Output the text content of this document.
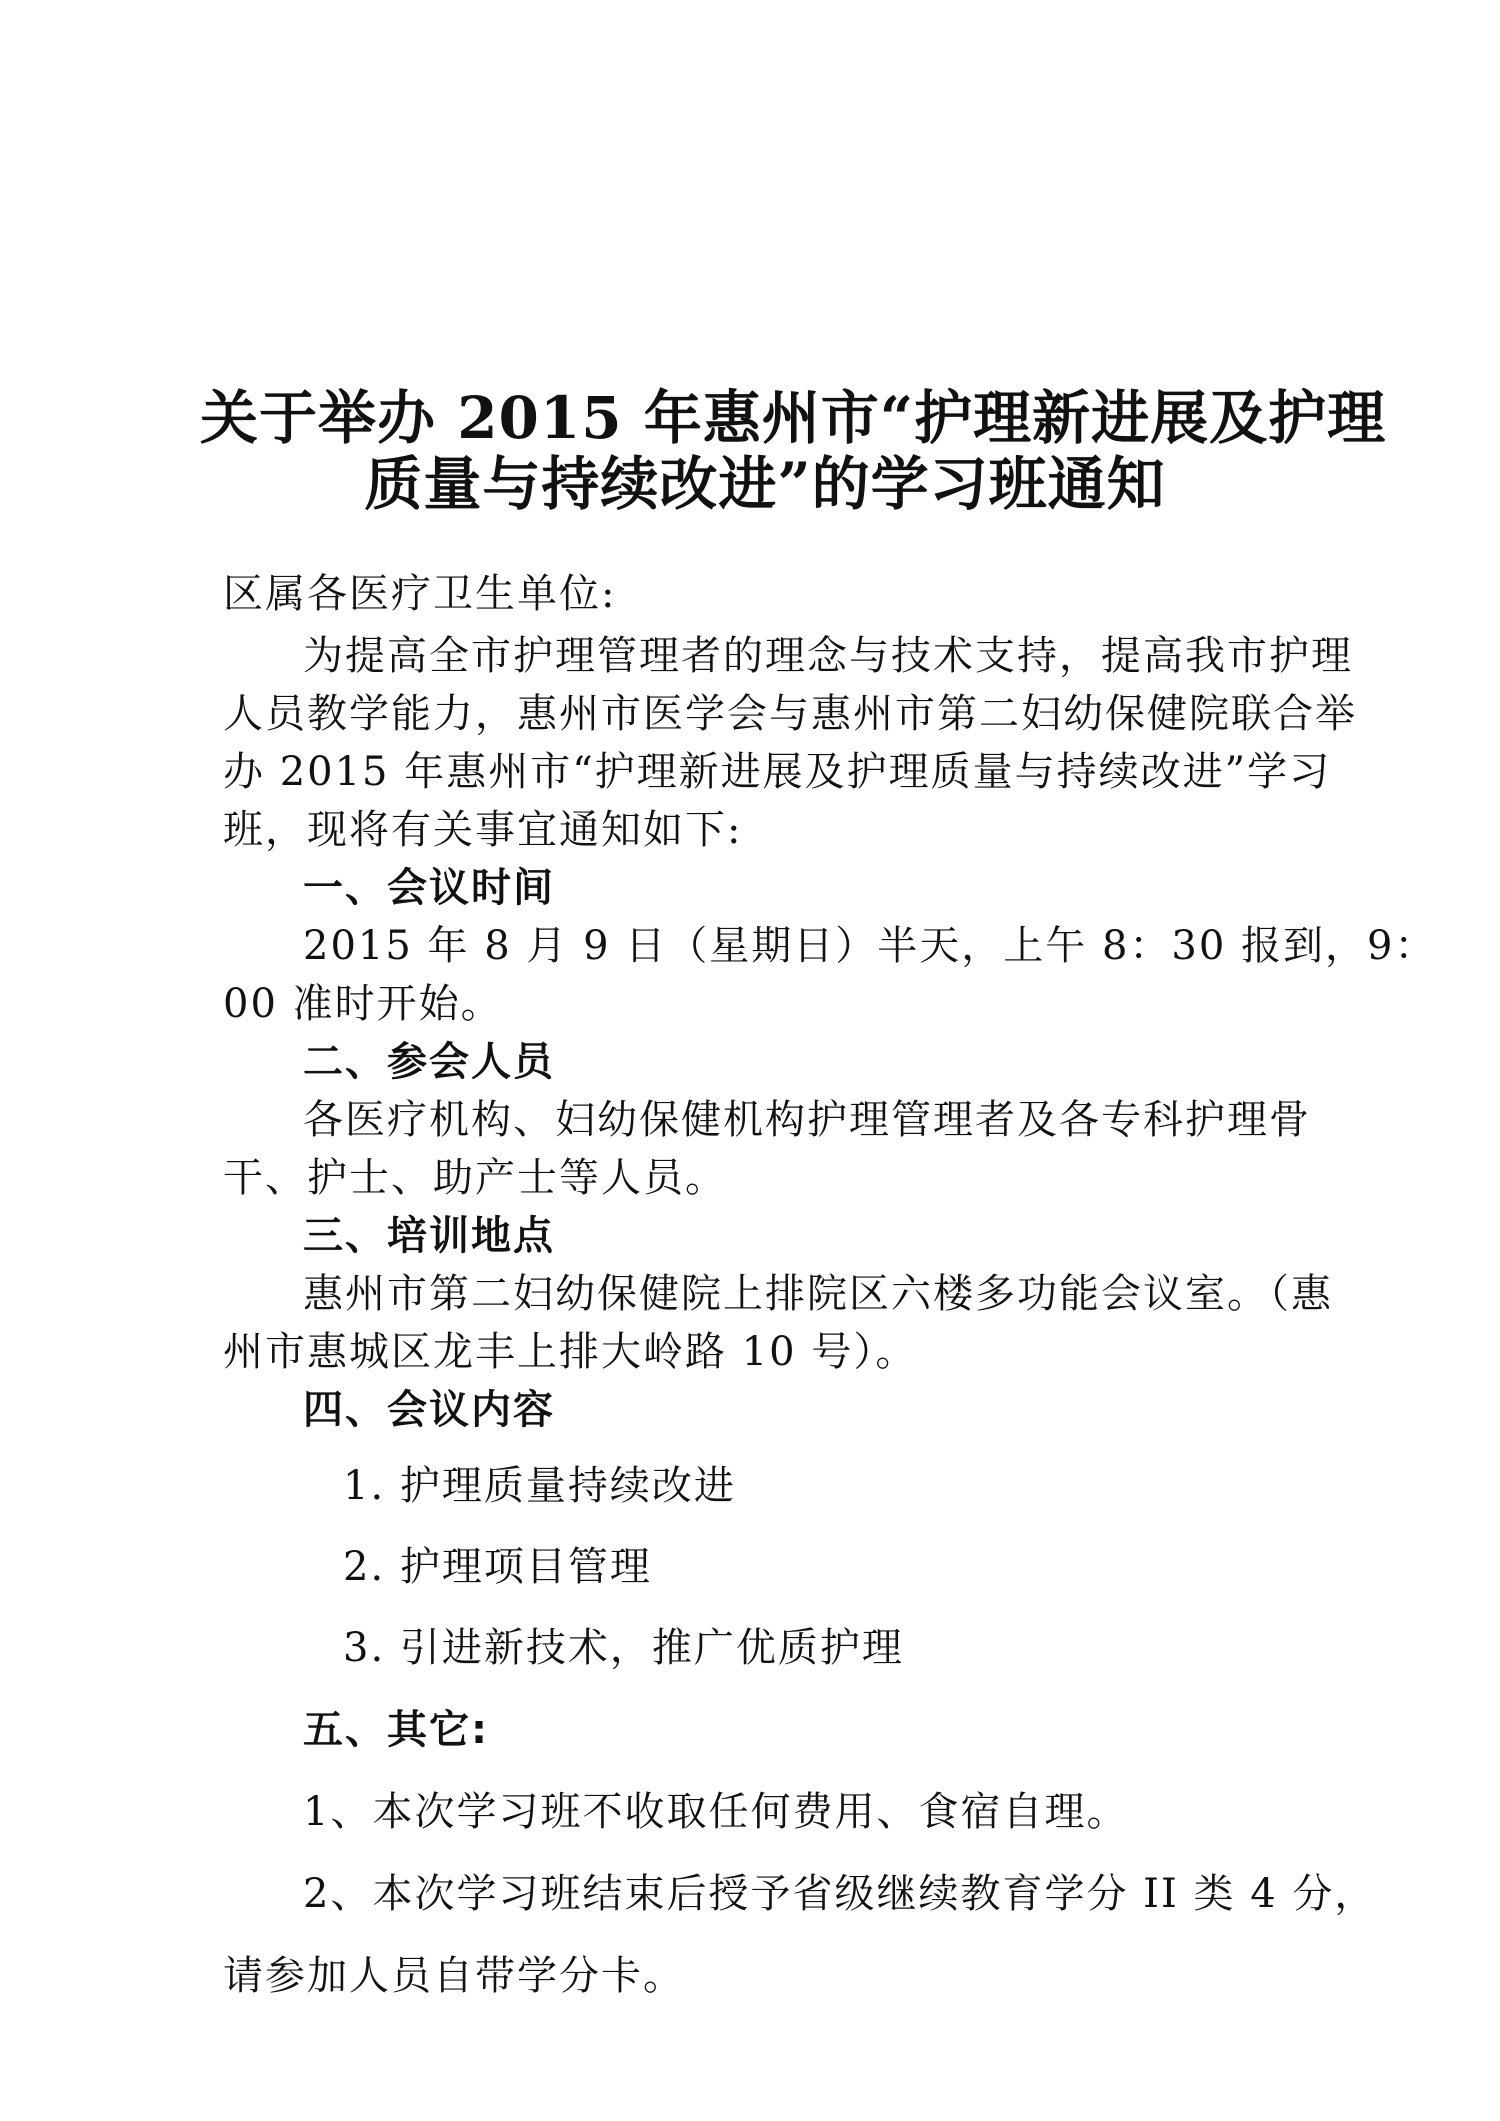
关于举办 2015 年惠州市“护理新进展及护理
质量与持续改进”的学习班通知
区属各医疗卫生单位:
为提高全市护理管理者的理念与技术支持，提高我市护理
人员教学能力，惠州市医学会与惠州市第二妇幼保健院联合举
办 2015 年惠州市“护理新进展及护理质量与持续改进”学习
班，现将有关事宜通知如下:
一、会议时间
2015 年 8 月 9 日（星期日）半天，上午 8：30 报到，9：
00 准时开始。
二、参会人员
各医疗机构、妇幼保健机构护理管理者及各专科护理骨
干、护士、助产士等人员。
三、培训地点
惠州市第二妇幼保健院上排院区六楼多功能会议室。（惠
州市惠城区龙丰上排大岭路 10 号）。
四、会议内容
1. 护理质量持续改进
2. 护理项目管理
3. 引进新技术，推广优质护理
五、其它:
1、本次学习班不收取任何费用、食宿自理。
2、本次学习班结束后授予省级继续教育学分 II 类 4 分，
请参加人员自带学分卡。
